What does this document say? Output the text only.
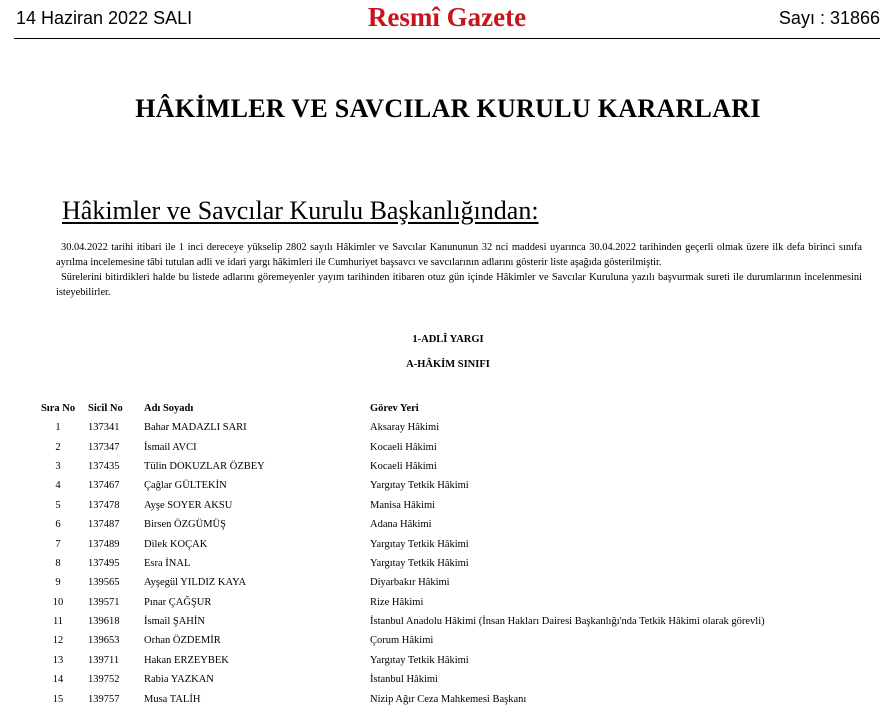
14 Haziran 2022 SALI	Resmî Gazete	Sayı : 31866
HÂKİMLER VE SAVCILAR KURULU KARARLARI
Hâkimler ve Savcılar Kurulu Başkanlığından:

30.04.2022 tarihi itibari ile 1 inci dereceye yükselip 2802 sayılı Hâkimler ve Savcılar Kanununun 32 nci maddesi uyarınca 30.04.2022 tarihinden geçerli olmak üzere ilk defa birinci sınıfa ayrılma incelemesine tâbi tutulan adli ve idari yargı hâkimleri ile Cumhuriyet başsavcı ve savcılarının adlarını gösterir liste aşağıda gösterilmiştir.

Sürelerini bitirdikleri halde bu listede adlarını göremeyenler yayım tarihinden itibaren otuz gün içinde Hâkimler ve Savcılar Kuruluna yazılı başvurmak sureti ile durumlarının incelenmesini isteyebilirler.

1-ADLÎ YARGI
A-HÂKİM SINIFI
Sıra No	Sicil No	Adı Soyadı	Görev Yeri
1	137341	Bahar MADAZLI SARI	Aksaray Hâkimi
2	137347	İsmail AVCI	Kocaeli Hâkimi
3	137435	Tülin DOKUZLAR ÖZBEY	Kocaeli Hâkimi
4	137467	Çağlar GÜLTEKİN	Yargıtay Tetkik Hâkimi
5	137478	Ayşe SOYER AKSU	Manisa Hâkimi
6	137487	Birsen ÖZGÜMÜŞ	Adana Hâkimi
7	137489	Dilek KOÇAK	Yargıtay Tetkik Hâkimi
8	137495	Esra İNAL	Yargıtay Tetkik Hâkimi
9	139565	Ayşegül YILDIZ KAYA	Diyarbakır Hâkimi
10	139571	Pınar ÇAĞŞUR	Rize Hâkimi
11	139618	İsmail ŞAHİN	İstanbul Anadolu Hâkimi (İnsan Hakları Dairesi Başkanlığı'nda Tetkik Hâkimi olarak görevli)
12	139653	Orhan ÖZDEMİR	Çorum Hâkimi
13	139711	Hakan ERZEYBEK	Yargıtay Tetkik Hâkimi
14	139752	Rabia YAZKAN	İstanbul Hâkimi
15	139757	Musa TALİH	Nizip Ağır Ceza Mahkemesi Başkanı
